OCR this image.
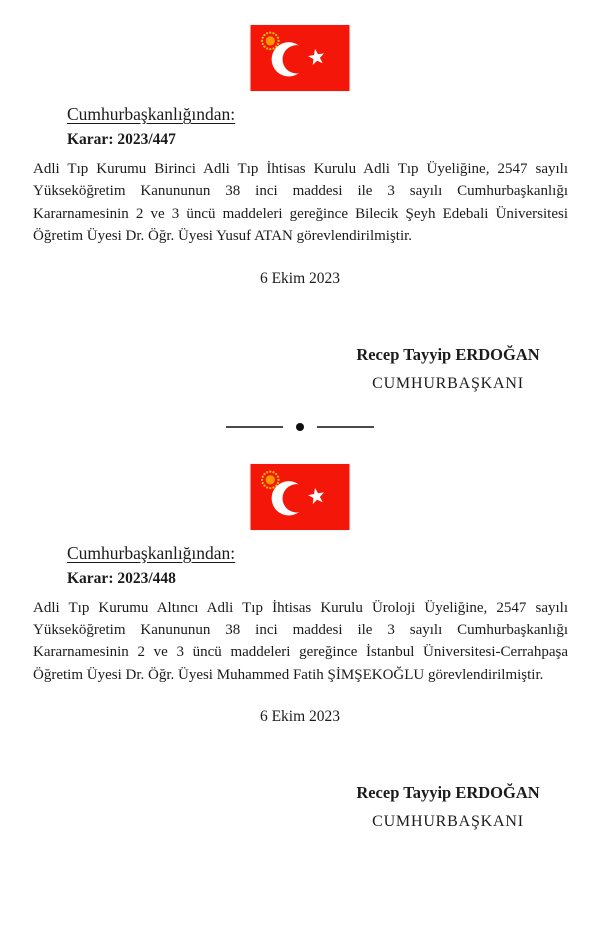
Cumhurbaşkanlığından:

Karar: 2023/447

Adli Tıp Kurumu Birinci Adli Tıp İhtisas Kurulu Adli Tıp Üyeliğine, 2547 sayılı Yükseköğretim Kanununun 38 inci maddesi ile 3 sayılı Cumhurbaşkanlığı Kararnamesinin 2 ve 3 üncü maddeleri gereğince Bilecik Şeyh Edebali Üniversitesi Öğretim Üyesi Dr. Öğr. Üyesi Yusuf ATAN görevlendirilmiştir.

6 Ekim 2023

Recep Tayyip ERDOĞAN

CUMHURBAŞKANI

Cumhurbaşkanlığından:

Karar: 2023/448

Adli Tıp Kurumu Altıncı Adli Tıp İhtisas Kurulu Üroloji Üyeliğine, 2547 sayılı Yükseköğretim Kanununun 38 inci maddesi ile 3 sayılı Cumhurbaşkanlığı Kararnamesinin 2 ve 3 üncü maddeleri gereğince İstanbul Üniversitesi-Cerrahpaşa Öğretim Üyesi Dr. Öğr. Üyesi Muhammed Fatih ŞİMŞEKOĞLU görevlendirilmiştir.

6 Ekim 2023

Recep Tayyip ERDOĞAN

CUMHURBAŞKANI
